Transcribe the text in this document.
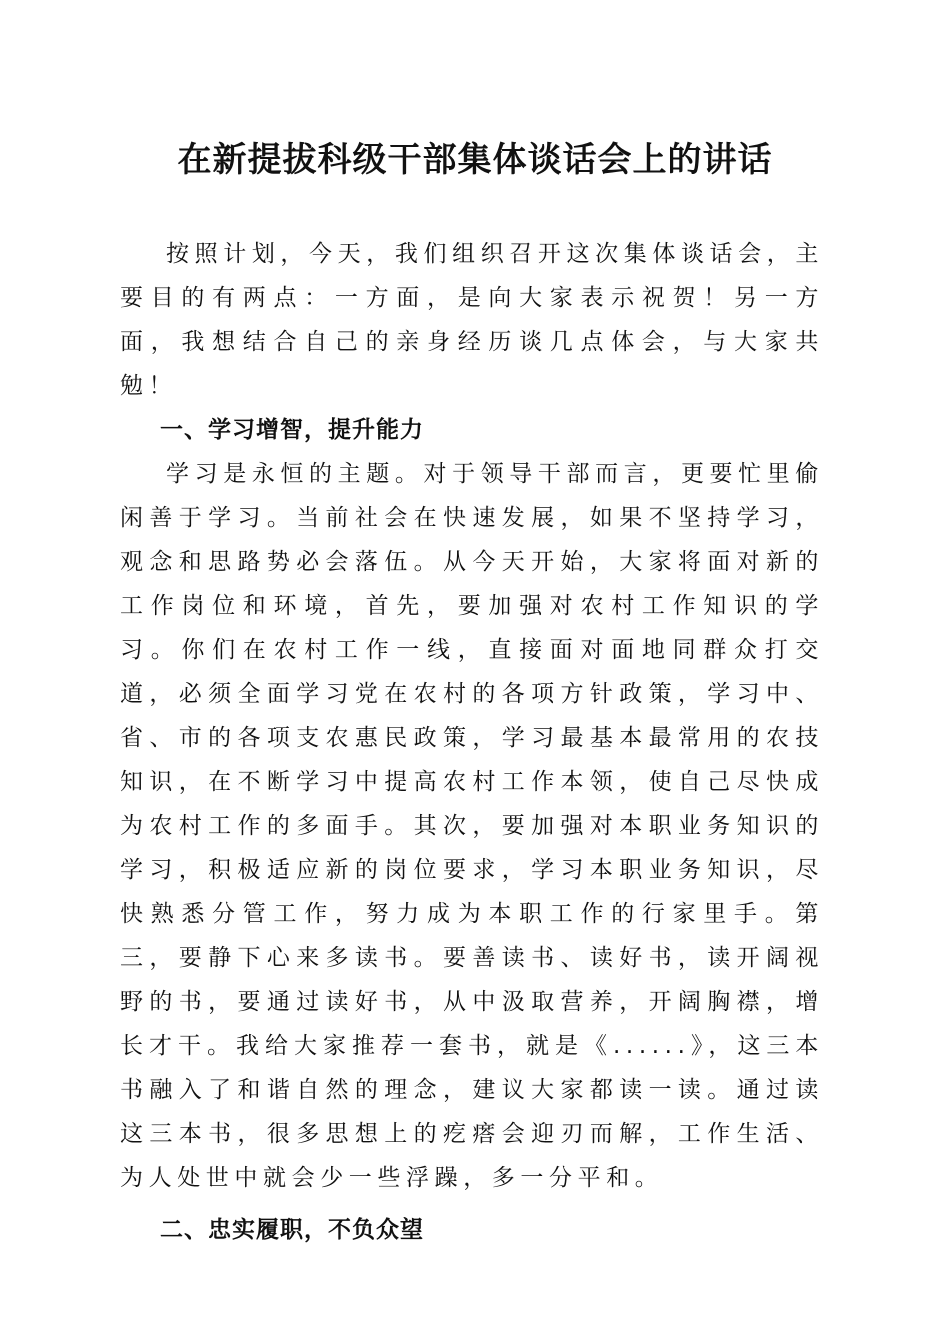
在新提拔科级干部集体谈话会上的讲话

按照计划，今天，我们组织召开这次集体谈话会，主要目的有两点：一方面，是向大家表示祝贺！另一方面，我想结合自己的亲身经历谈几点体会，与大家共勉！

一、学习增智，提升能力

学习是永恒的主题。对于领导干部而言，更要忙里偷闲善于学习。当前社会在快速发展，如果不坚持学习，观念和思路势必会落伍。从今天开始，大家将面对新的工作岗位和环境，首先，要加强对农村工作知识的学习。你们在农村工作一线，直接面对面地同群众打交道，必须全面学习党在农村的各项方针政策，学习中、省、市的各项支农惠民政策，学习最基本最常用的农技知识，在不断学习中提高农村工作本领，使自己尽快成为农村工作的多面手。其次，要加强对本职业务知识的学习，积极适应新的岗位要求，学习本职业务知识，尽快熟悉分管工作，努力成为本职工作的行家里手。第三，要静下心来多读书。要善读书、读好书，读开阔视野的书，要通过读好书，从中汲取营养，开阔胸襟，增长才干。我给大家推荐一套书，就是《......》，这三本书融入了和谐自然的理念，建议大家都读一读。通过读这三本书，很多思想上的疙瘩会迎刃而解，工作生活、为人处世中就会少一些浮躁，多一分平和。

二、忠实履职，不负众望
